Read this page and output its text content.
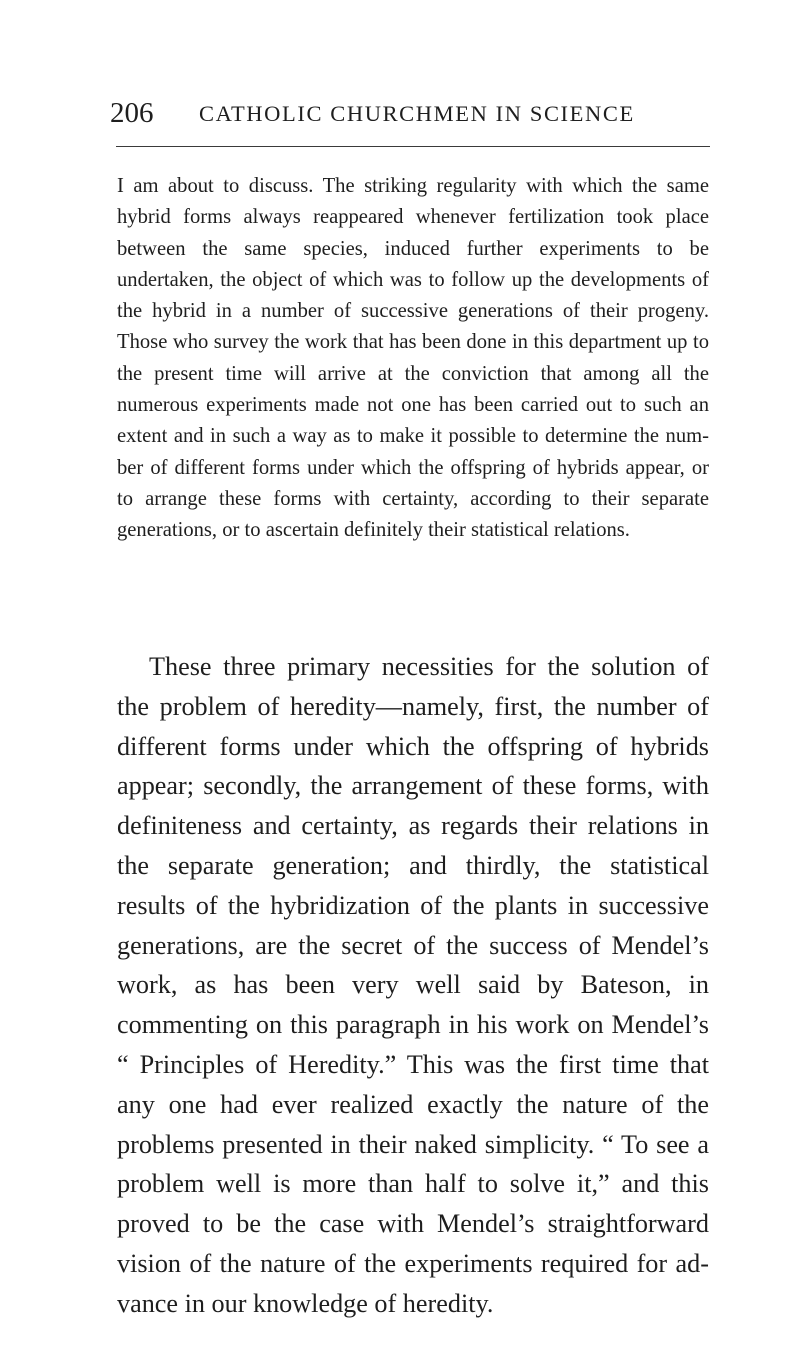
206 CATHOLIC CHURCHMEN IN SCIENCE

I am about to discuss. The striking regularity with which the same hybrid forms always reappeared whenever fertilization took place between the same species, induced further experiments to be undertaken, the object of which was to follow up the developments of the hybrid in a number of successive generations of their progeny. Those who survey the work that has been done in this department up to the present time will arrive at the conviction that among all the numerous experiments made not one has been carried out to such an extent and in such a way as to make it possible to determine the number of different forms under which the offspring of hybrids appear, or to arrange these forms with certainty, according to their separate generations, or to ascertain definitely their statistical relations.

These three primary necessities for the solution of the problem of heredity—namely, first, the number of different forms under which the offspring of hybrids appear; secondly, the arrangement of these forms, with definiteness and certainty, as regards their relations in the separate generation; and thirdly, the statistical results of the hybridization of the plants in successive generations, are the secret of the success of Mendel’s work, as has been very well said by Bateson, in commenting on this paragraph in his work on Mendel’s “ Principles of Heredity.” This was the first time that any one had ever realized exactly the nature of the problems presented in their naked simplicity. “ To see a problem well is more than half to solve it,” and this proved to be the case with Mendel’s straightforward vision of the nature of the experiments required for advance in our knowledge of heredity.
